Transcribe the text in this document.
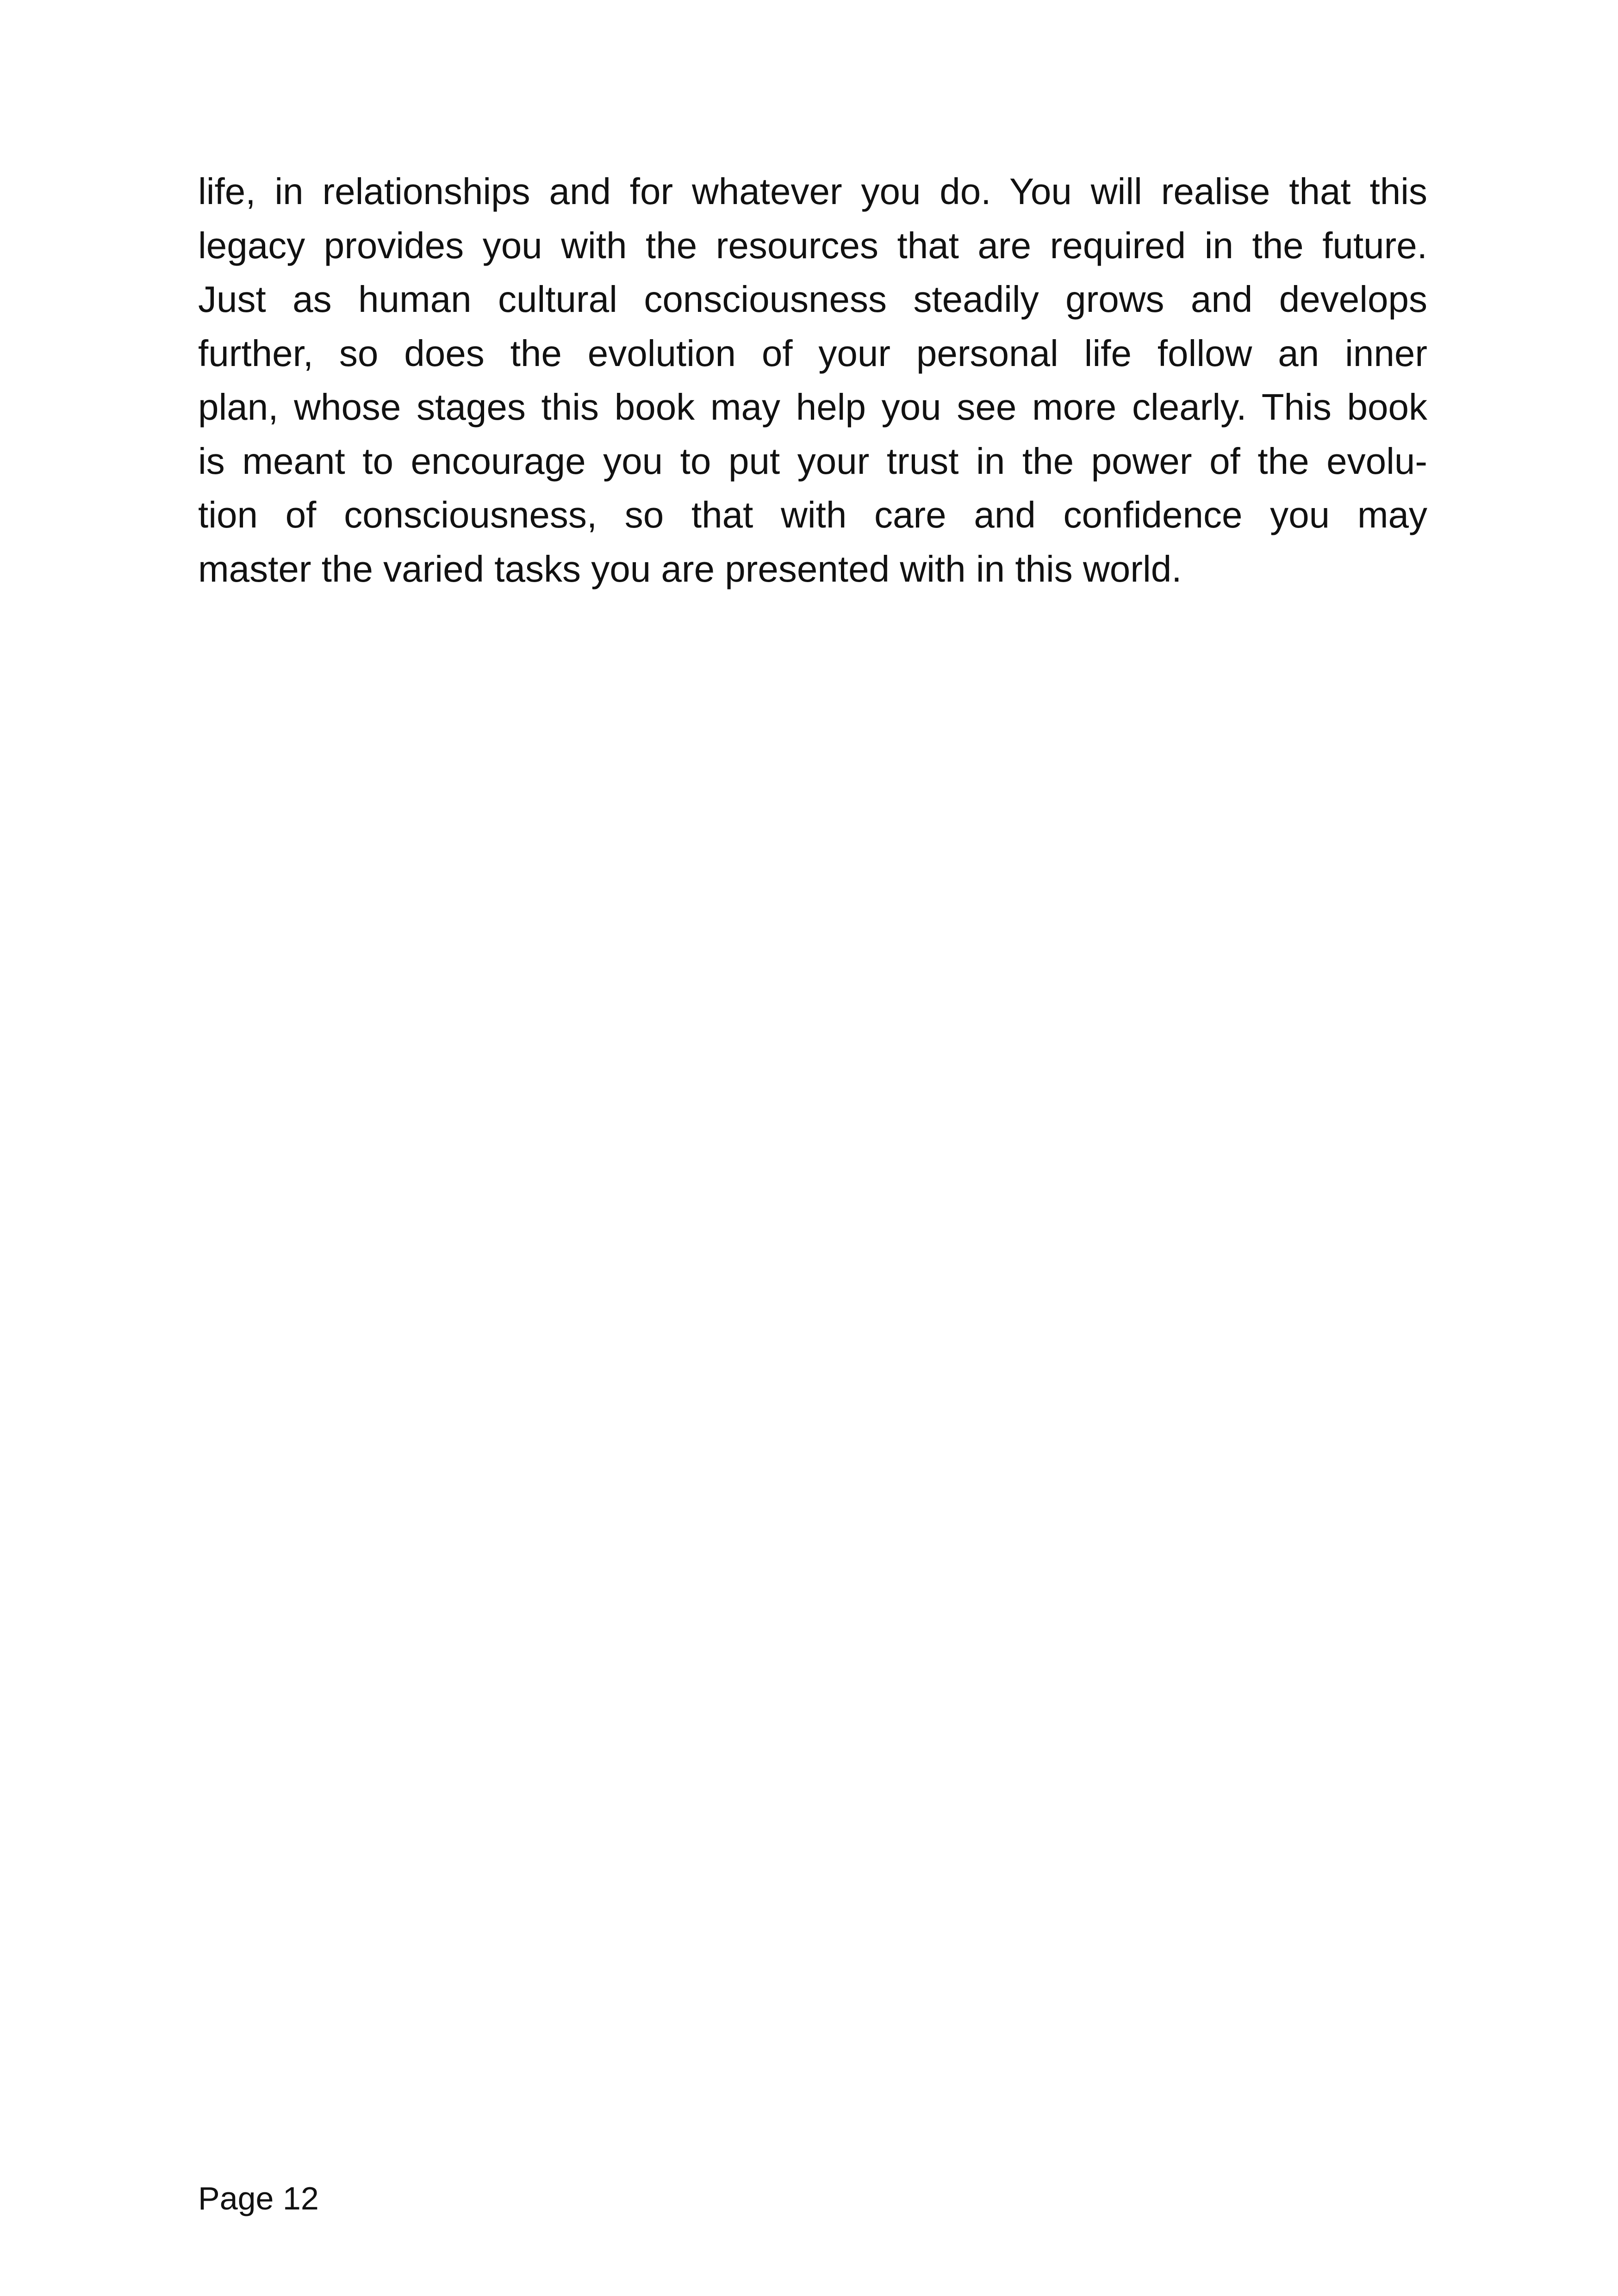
life, in relationships and for whatever you do. You will realise that this
legacy provides you with the resources that are required in the future.
Just as human cultural consciousness steadily grows and develops
further, so does the evolution of your personal life follow an inner
plan, whose stages this book may help you see more clearly. This book
is meant to encourage you to put your trust in the power of the evolu-
tion of consciousness, so that with care and confidence you may
master the varied tasks you are presented with in this world.
Page 12
